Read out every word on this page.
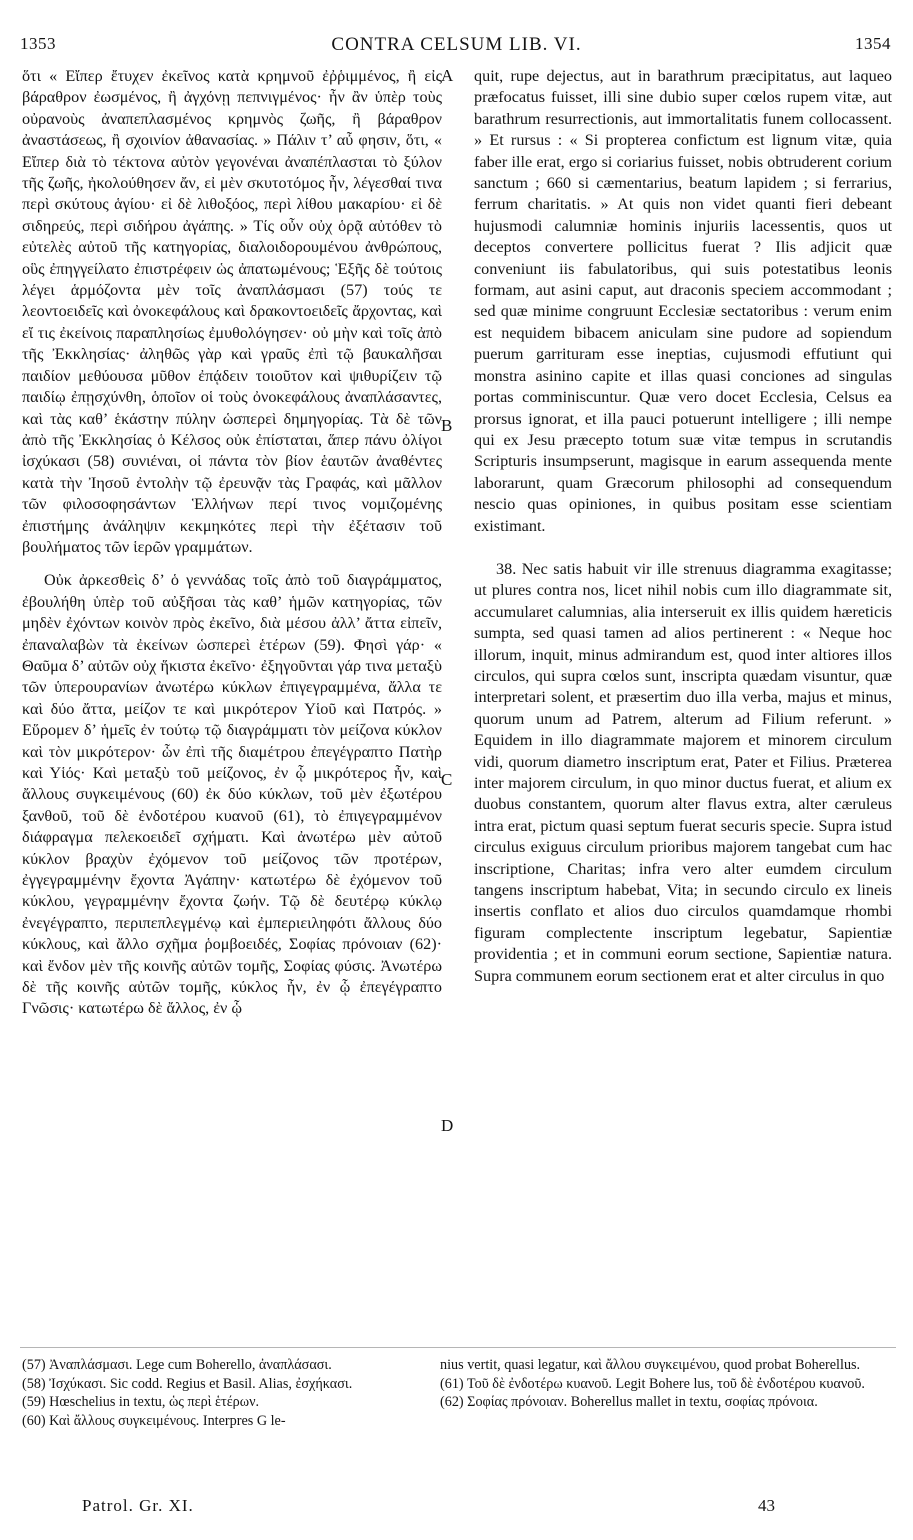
1353	CONTRA CELSUM LIB. VI.	1354

ὅτι « Εἴπερ ἔτυχεν ἐκεῖνος κατὰ κρημνοῦ ἐῤῥιμμένος, ἢ εἰς βάραθρον ἐωσμένος, ἢ ἀγχόνῃ πεπνιγμένος· ἦν ἂν ὑπὲρ τοὺς οὐρανοὺς ἀναπεπλασμένος κρημνὸς ζωῆς, ἢ βάραθρον ἀναστάσεως, ἢ σχοινίον ἀθανασίας. » Πάλιν τ’ αὖ φησιν, ὅτι, « Εἴπερ διὰ τὸ τέκτονα αὐτὸν γεγονέναι ἀναπέπλασται τὸ ξύλον τῆς ζωῆς, ἠκολούθησεν ἄν, εἰ μὲν σκυτοτόμος ἦν, λέγεσθαί τινα περὶ σκύτους ἁγίου· εἰ δὲ λιθοξόος, περὶ λίθου μακαρίου· εἰ δὲ σιδηρεύς, περὶ σιδήρου ἀγάπης. » Τίς οὖν οὐχ ὁρᾷ αὐτόθεν τὸ εὐτελὲς αὐτοῦ τῆς κατηγορίας, διαλοιδορουμένου ἀνθρώπους, οὓς ἐπηγγείλατο ἐπιστρέφειν ὡς ἀπατωμένους; Ἑξῆς δὲ τούτοις λέγει ἁρμόζοντα μὲν τοῖς ἀναπλάσμασι (57) τούς τε λεοντοειδεῖς καὶ ὀνοκεφάλους καὶ δρακοντοειδεῖς ἄρχοντας, καὶ εἴ τις ἐκείνοις παραπλησίως ἐμυθολόγησεν· οὐ μὴν καὶ τοῖς ἀπὸ τῆς Ἐκκλησίας· ἀληθῶς γὰρ καὶ γραῦς ἐπὶ τῷ βαυκαλῆσαι παιδίον μεθύουσα μῦθον ἐπᾴδειν τοιοῦτον καὶ ψιθυρίζειν τῷ παιδίῳ ἐπῃσχύνθη, ὁποῖον οἱ τοὺς ὀνοκεφάλους ἀναπλάσαντες, καὶ τὰς καθ’ ἑκάστην πύλην ὡσπερεὶ δημηγορίας. Τὰ δὲ τῶν ἀπὸ τῆς Ἐκκλησίας ὁ Κέλσος οὐκ ἐπίσταται, ἅπερ πάνυ ὀλίγοι ἰσχύκασι (58) συνιέναι, οἱ πάντα τὸν βίον ἑαυτῶν ἀναθέντες κατὰ τὴν Ἰησοῦ ἐντολὴν τῷ ἐρευνᾷν τὰς Γραφάς, καὶ μᾶλλον τῶν φιλοσοφησάντων Ἑλλήνων περί τινος νομιζομένης ἐπιστήμης ἀνάληψιν κεκμηκότες περὶ τὴν ἐξέτασιν τοῦ βουλήματος τῶν ἱερῶν γραμμάτων.

Οὐκ ἀρκεσθεὶς δ’ ὁ γεννάδας τοῖς ἀπὸ τοῦ διαγράμματος, ἐβουλήθη ὑπὲρ τοῦ αὐξῆσαι τὰς καθ’ ἡμῶν κατηγορίας, τῶν μηδὲν ἐχόντων κοινὸν πρὸς ἐκεῖνο, διὰ μέσου ἀλλ’ ἄττα εἰπεῖν, ἐπαναλαβὼν τὰ ἐκείνων ὡσπερεὶ ἑτέρων (59). Φησὶ γάρ· « Θαῦμα δ’ αὐτῶν οὐχ ἥκιστα ἐκεῖνο· ἐξηγοῦνται γάρ τινα μεταξὺ τῶν ὑπερουρανίων ἀνωτέρω κύκλων ἐπιγεγραμμένα, ἄλλα τε καὶ δύο ἄττα, μείζον τε καὶ μικρότερον Υἱοῦ καὶ Πατρός. » Εὕρομεν δ’ ἡμεῖς ἐν τούτῳ τῷ διαγράμματι τὸν μείζονα κύκλον καὶ τὸν μικρότερον· ὧν ἐπὶ τῆς διαμέτρου ἐπεγέγραπτο Πατὴρ καὶ Υἱός· Καὶ μεταξὺ τοῦ μείζονος, ἐν ᾧ μικρότερος ἦν, καὶ ἄλλους συγκειμένους (60) ἐκ δύο κύκλων, τοῦ μὲν ἐξωτέρου ξανθοῦ, τοῦ δὲ ἐνδοτέρου κυανοῦ (61), τὸ ἐπιγεγραμμένον διάφραγμα πελεκοειδεῖ σχήματι. Καὶ ἀνωτέρω μὲν αὐτοῦ κύκλον βραχὺν ἐχόμενον τοῦ μείζονος τῶν προτέρων, ἐγγεγραμμένην ἔχοντα Ἀγάπην· κατωτέρω δὲ ἐχόμενον τοῦ κύκλου, γεγραμμένην ἔχοντα ζωήν. Τῷ δὲ δευτέρῳ κύκλῳ ἐνεγέγραπτο, περιπεπλεγμένῳ καὶ ἐμπεριειληφότι ἄλλους δύο κύκλους, καὶ ἄλλο σχῆμα ῥομβοειδές, Σοφίας πρόνοιαν (62)· καὶ ἔνδον μὲν τῆς κοινῆς αὐτῶν τομῆς, Σοφίας φύσις. Ἀνωτέρω δὲ τῆς κοινῆς αὐτῶν τομῆς, κύκλος ἦν, ἐν ᾧ ἐπεγέγραπτο Γνῶσις· κατωτέρω δὲ ἄλλος, ἐν ᾧ

A
B
C
D

quit, rupe dejectus, aut in barathrum præcipitatus, aut laqueo præfocatus fuisset, illi sine dubio super cœlos rupem vitæ, aut barathrum resurrectionis, aut immortalitatis funem collocassent. » Et rursus : « Si propterea confictum est lignum vitæ, quia faber ille erat, ergo si coriarius fuisset, nobis obtruderent corium sanctum ; 660 si cæmentarius, beatum lapidem ; si ferrarius, ferrum charitatis. » At quis non videt quanti fieri debeant hujusmodi calumniæ hominis injuriis lacessentis, quos ut deceptos convertere pollicitus fuerat ? Ilis adjicit quæ conveniunt iis fabulatoribus, qui suis potestatibus leonis formam, aut asini caput, aut draconis speciem accommodant ; sed quæ minime congruunt Ecclesiæ sectatoribus : verum enim est nequidem bibacem aniculam sine pudore ad sopiendum puerum garrituram esse ineptias, cujusmodi effutiunt qui monstra asinino capite et illas quasi conciones ad singulas portas comminiscuntur. Quæ vero docet Ecclesia, Celsus ea prorsus ignorat, et illa pauci potuerunt intelligere ; illi nempe qui ex Jesu præcepto totum suæ vitæ tempus in scrutandis Scripturis insumpserunt, magisque in earum assequenda mente laborarunt, quam Græcorum philosophi ad consequendum nescio quas opiniones, in quibus positam esse scientiam existimant.

38. Nec satis habuit vir ille strenuus diagramma exagitasse; ut plures contra nos, licet nihil nobis cum illo diagrammate sit, accumularet calumnias, alia interseruit ex illis quidem hæreticis sumpta, sed quasi tamen ad alios pertinerent : « Neque hoc illorum, inquit, minus admirandum est, quod inter altiores illos circulos, qui supra cœlos sunt, inscripta quædam visuntur, quæ interpretari solent, et præsertim duo illa verba, majus et minus, quorum unum ad Patrem, alterum ad Filium referunt. » Equidem in illo diagrammate majorem et minorem circulum vidi, quorum diametro inscriptum erat, Pater et Filius. Præterea inter majorem circulum, in quo minor ductus fuerat, et alium ex duobus constantem, quorum alter flavus extra, alter cæruleus intra erat, pictum quasi septum fuerat securis specie. Supra istud circulus exiguus circulum prioribus majorem tangebat cum hac inscriptione, Charitas; infra vero alter eumdem circulum tangens inscriptum habebat, Vita; in secundo circulo ex lineis insertis conflato et alios duo circulos quamdamque rhombi figuram complectente inscriptum legebatur, Sapientiæ providentia ; et in communi eorum sectione, Sapientiæ natura. Supra communem eorum sectionem erat et alter circulus in quo

(57) Ἀναπλάσμασι. Lege cum Boherello, ἀναπλάσασι.
(58) Ἰσχύκασι. Sic codd. Regius et Basil. Alias, ἐσχήκασι.
(59) Hœschelius in textu, ὡς περὶ ἑτέρων.
(60) Καὶ ἄλλους συγκειμένους. Interpres G le-
nius vertit, quasi legatur, καὶ ἄλλου συγκειμένου, quod probat Boherellus.
(61) Τοῦ δὲ ἐνδοτέρω κυανοῦ. Legit Bohere lus, τοῦ δὲ ἐνδοτέρου κυανοῦ.
(62) Σοφίας πρόνοιαν. Boherellus mallet in textu, σοφίας πρόνοια.
Patrol. Gr. XI.	43
